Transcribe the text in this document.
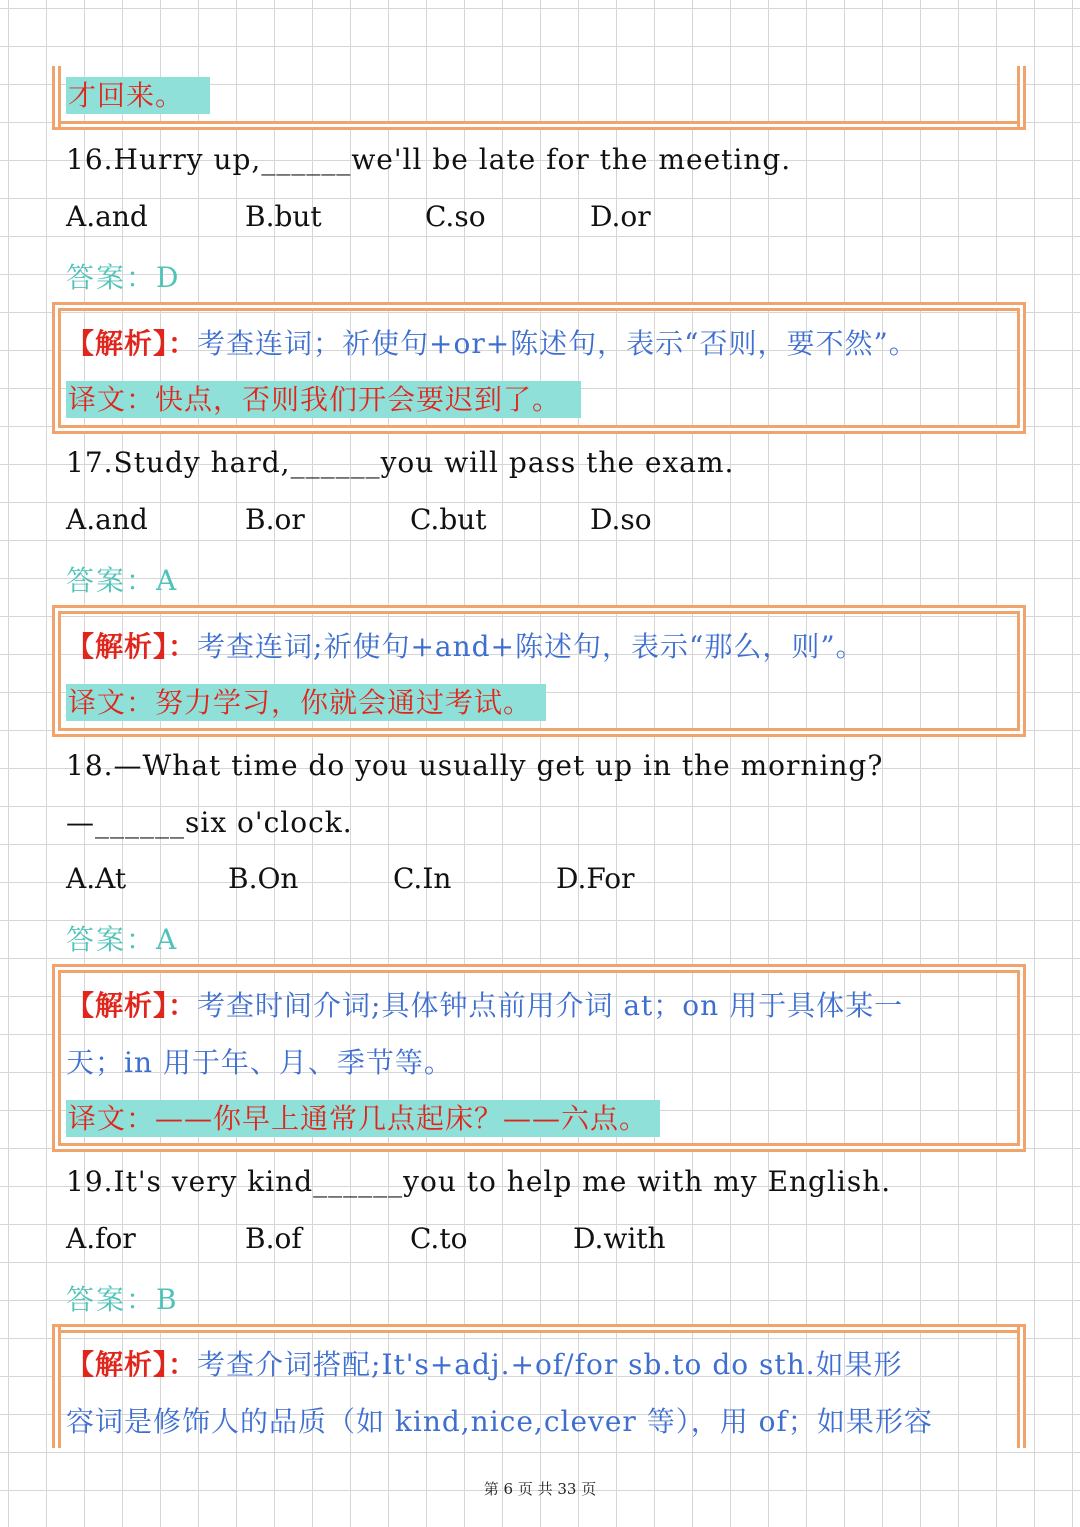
才回来。
16.Hurry up,______we'll be late for the meeting.
A.and	B.but	C.so	D.or
答案：D
【解析】：考查连词；祈使句+or+陈述句，表示“否则，要不然”。
译文：快点，否则我们开会要迟到了。
17.Study hard,______you will pass the exam.
A.and	B.or	C.but	D.so
答案：A
【解析】：考查连词;祈使句+and+陈述句，表示“那么，则”。
译文：努力学习，你就会通过考试。
18.—What time do you usually get up in the morning?
—______six o'clock.
A.At	B.On	C.In	D.For
答案：A
【解析】：考查时间介词;具体钟点前用介词 at；on 用于具体某一
天；in 用于年、月、季节等。
译文：——你早上通常几点起床？——六点。
19.It's very kind______you to help me with my English.
A.for	B.of	C.to	D.with
答案：B
【解析】：考查介词搭配;It's+adj.+of/for sb.to do sth.如果形
容词是修饰人的品质（如 kind,nice,clever 等），用 of；如果形容
第 6 页 共 33 页
